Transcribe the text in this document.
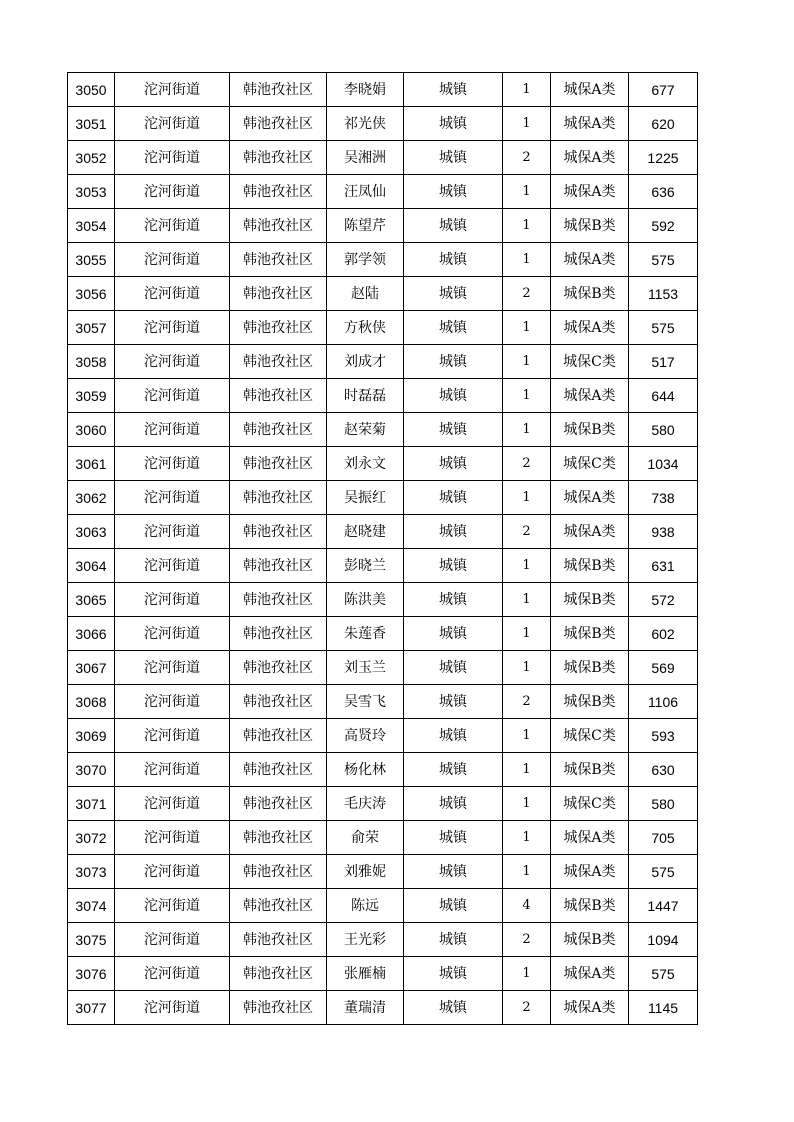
3050	沱河街道	韩池孜社区	李晓娟	城镇	1	城保A类	677
3051	沱河街道	韩池孜社区	祁光侠	城镇	1	城保A类	620
3052	沱河街道	韩池孜社区	吴湘洲	城镇	2	城保A类	1225
3053	沱河街道	韩池孜社区	汪凤仙	城镇	1	城保A类	636
3054	沱河街道	韩池孜社区	陈望芹	城镇	1	城保B类	592
3055	沱河街道	韩池孜社区	郭学领	城镇	1	城保A类	575
3056	沱河街道	韩池孜社区	赵陆	城镇	2	城保B类	1153
3057	沱河街道	韩池孜社区	方秋侠	城镇	1	城保A类	575
3058	沱河街道	韩池孜社区	刘成才	城镇	1	城保C类	517
3059	沱河街道	韩池孜社区	时磊磊	城镇	1	城保A类	644
3060	沱河街道	韩池孜社区	赵荣菊	城镇	1	城保B类	580
3061	沱河街道	韩池孜社区	刘永文	城镇	2	城保C类	1034
3062	沱河街道	韩池孜社区	吴振红	城镇	1	城保A类	738
3063	沱河街道	韩池孜社区	赵晓建	城镇	2	城保A类	938
3064	沱河街道	韩池孜社区	彭晓兰	城镇	1	城保B类	631
3065	沱河街道	韩池孜社区	陈洪美	城镇	1	城保B类	572
3066	沱河街道	韩池孜社区	朱莲香	城镇	1	城保B类	602
3067	沱河街道	韩池孜社区	刘玉兰	城镇	1	城保B类	569
3068	沱河街道	韩池孜社区	吴雪飞	城镇	2	城保B类	1106
3069	沱河街道	韩池孜社区	高贤玲	城镇	1	城保C类	593
3070	沱河街道	韩池孜社区	杨化林	城镇	1	城保B类	630
3071	沱河街道	韩池孜社区	毛庆涛	城镇	1	城保C类	580
3072	沱河街道	韩池孜社区	俞荣	城镇	1	城保A类	705
3073	沱河街道	韩池孜社区	刘雅妮	城镇	1	城保A类	575
3074	沱河街道	韩池孜社区	陈远	城镇	4	城保B类	1447
3075	沱河街道	韩池孜社区	王光彩	城镇	2	城保B类	1094
3076	沱河街道	韩池孜社区	张雁楠	城镇	1	城保A类	575
3077	沱河街道	韩池孜社区	董瑞清	城镇	2	城保A类	1145
